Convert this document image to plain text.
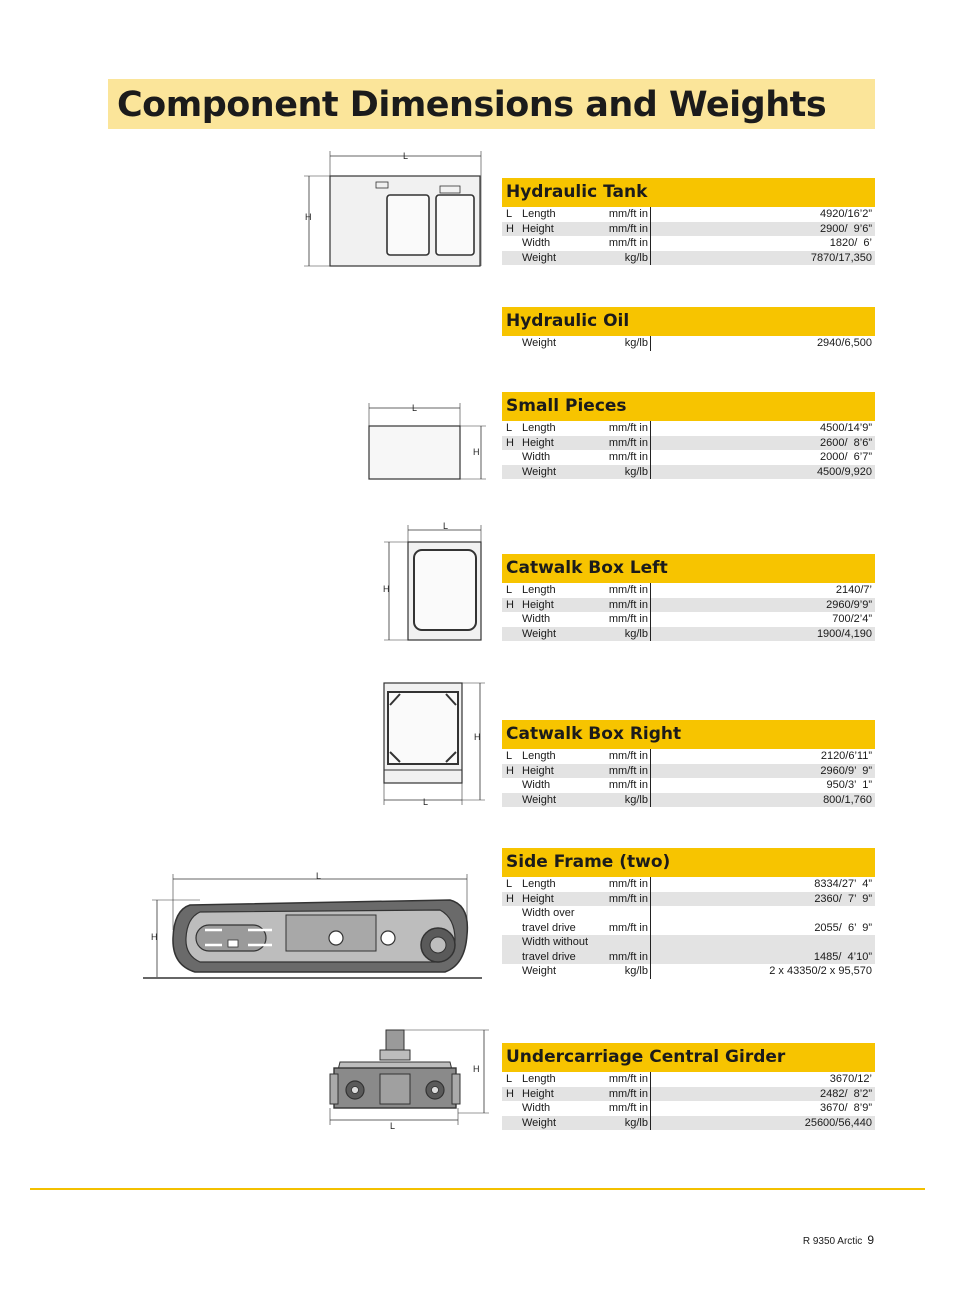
Component Dimensions and Weights
L
H
L
H
L
H
L
H
L
H
L
H
Hydraulic Tank
L Length	mm/ft in	4920/16’2”
H Height	mm/ft in	2900/  9’6”
Width	mm/ft in	1820/  6’
Weight	kg/lb	7870/17,350
Hydraulic Oil
Weight	kg/lb	2940/6,500
Small Pieces
L Length	mm/ft in	4500/14’9”
H Height	mm/ft in	2600/  8’6”
Width	mm/ft in	2000/  6’7”
Weight	kg/lb	4500/9,920
Catwalk Box Left
L Length	mm/ft in	2140/7’
H Height	mm/ft in	2960/9’9”
Width	mm/ft in	700/2’4”
Weight	kg/lb	1900/4,190
Catwalk Box Right
L Length	mm/ft in	2120/6’11”
H Height	mm/ft in	2960/9’  9”
Width	mm/ft in	950/3’  1”
Weight	kg/lb	800/1,760
Side Frame (two)
L Length	mm/ft in	8334/27’  4”
H Height	mm/ft in	2360/  7’  9”
Width over
travel drive	mm/ft in	2055/  6’  9”
Width without
travel drive	mm/ft in	1485/  4’10”
Weight	kg/lb	2 x 43350/2 x 95,570
Undercarriage Central Girder
L Length	mm/ft in	3670/12’
H Height	mm/ft in	2482/  8’2”
Width	mm/ft in	3670/  8’9”
Weight	kg/lb	25600/56,440
R 9350 Arctic 9
